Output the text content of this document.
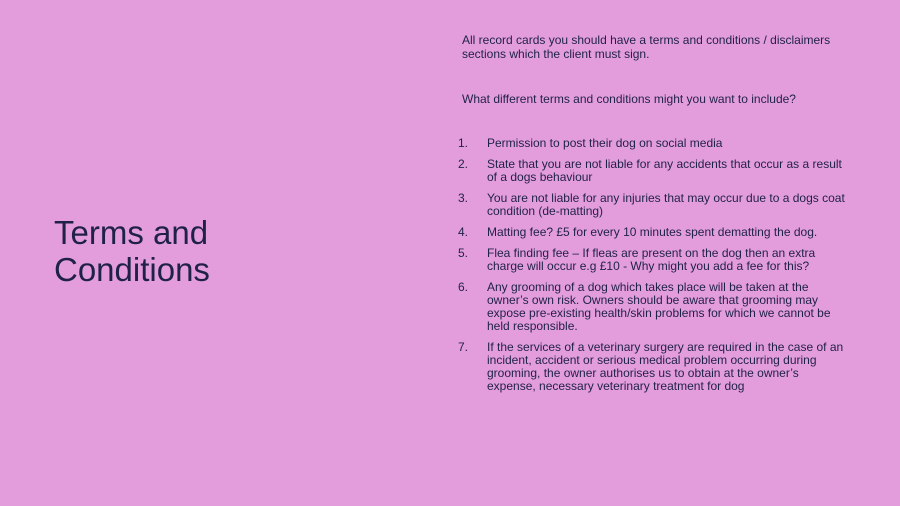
Terms and
Conditions

All record cards you should have a terms and conditions / disclaimers sections which the client must sign.

What different terms and conditions might you want to include?

1. Permission to post their dog on social media
2. State that you are not liable for any accidents that occur as a result of a dogs behaviour
3. You are not liable for any injuries that may occur due to a dogs coat condition (de-matting)
4. Matting fee? £5 for every 10 minutes spent dematting the dog.
5. Flea finding fee – If fleas are present on the dog then an extra charge will occur e.g £10 - Why might you add a fee for this?
6. Any grooming of a dog which takes place will be taken at the owner’s own risk. Owners should be aware that grooming may expose pre-existing health/skin problems for which we cannot be held responsible.
7. If the services of a veterinary surgery are required in the case of an incident, accident or serious medical problem occurring during grooming, the owner authorises us to obtain at the owner’s expense, necessary veterinary treatment for dog
